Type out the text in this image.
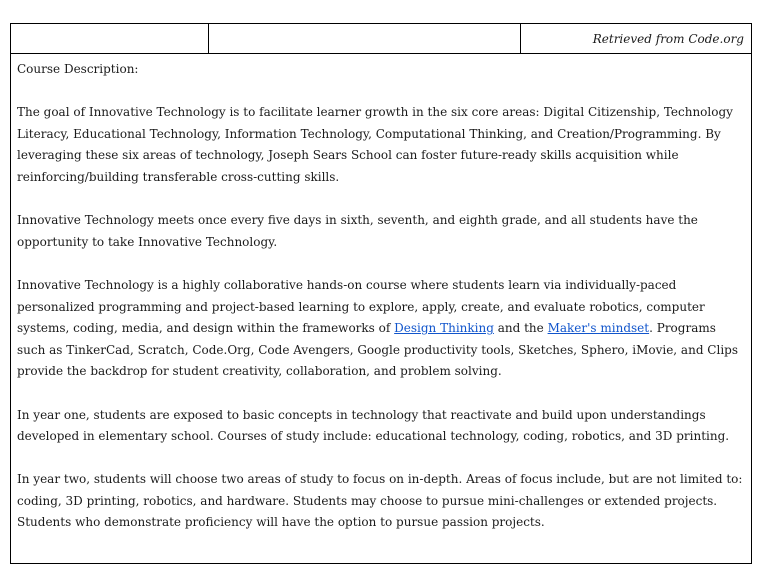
Retrieved from Code.org

Course Description:

The goal of Innovative Technology is to facilitate learner growth in the six core areas: Digital Citizenship, Technology Literacy, Educational Technology, Information Technology, Computational Thinking, and Creation/Programming. By leveraging these six areas of technology, Joseph Sears School can foster future-ready skills acquisition while reinforcing/building transferable cross-cutting skills.

Innovative Technology meets once every five days in sixth, seventh, and eighth grade, and all students have the opportunity to take Innovative Technology.

Innovative Technology is a highly collaborative hands-on course where students learn via individually-paced personalized programming and project-based learning to explore, apply, create, and evaluate robotics, computer systems, coding, media, and design within the frameworks of Design Thinking and the Maker's mindset. Programs such as TinkerCad, Scratch, Code.Org, Code Avengers, Google productivity tools, Sketches, Sphero, iMovie, and Clips provide the backdrop for student creativity, collaboration, and problem solving.

In year one, students are exposed to basic concepts in technology that reactivate and build upon understandings developed in elementary school. Courses of study include: educational technology, coding, robotics, and 3D printing.

In year two, students will choose two areas of study to focus on in-depth. Areas of focus include, but are not limited to: coding, 3D printing, robotics, and hardware. Students may choose to pursue mini-challenges or extended projects. Students who demonstrate proficiency will have the option to pursue passion projects.
